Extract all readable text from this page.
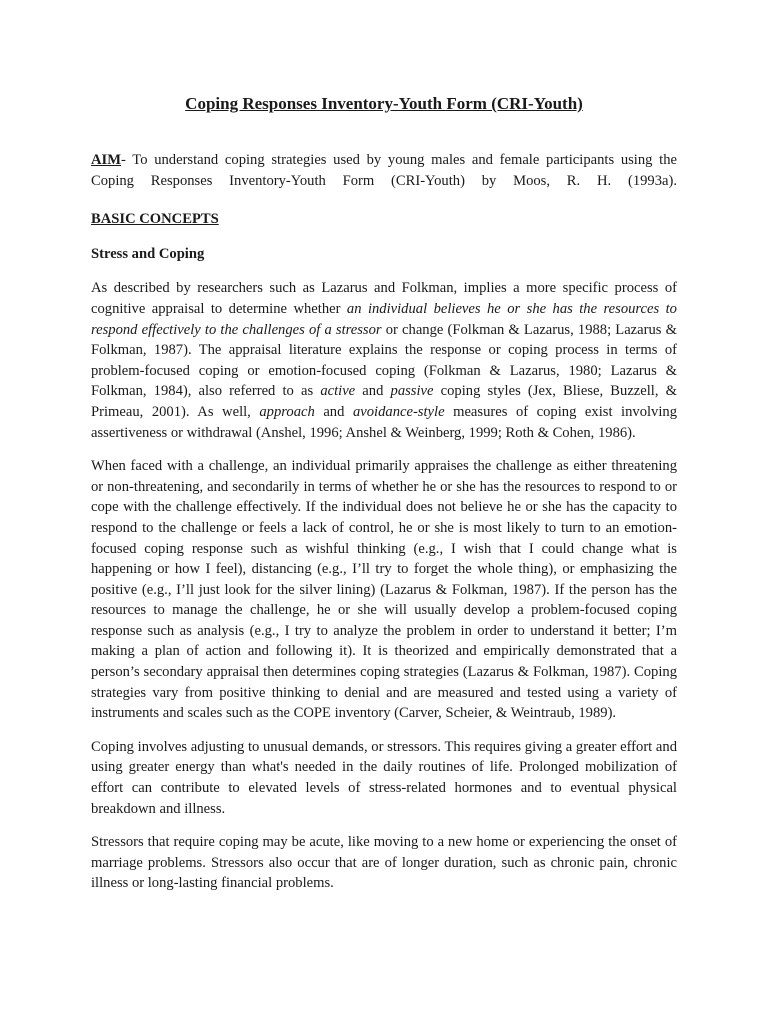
Coping Responses Inventory-Youth Form (CRI-Youth)

AIM- To understand coping strategies used by young males and female participants using the Coping Responses Inventory-Youth Form (CRI-Youth) by Moos, R. H. (1993a).

BASIC CONCEPTS

Stress and Coping

As described by researchers such as Lazarus and Folkman, implies a more specific process of cognitive appraisal to determine whether an individual believes he or she has the resources to respond effectively to the challenges of a stressor or change (Folkman & Lazarus, 1988; Lazarus & Folkman, 1987). The appraisal literature explains the response or coping process in terms of problem-focused coping or emotion-focused coping (Folkman & Lazarus, 1980; Lazarus & Folkman, 1984), also referred to as active and passive coping styles (Jex, Bliese, Buzzell, & Primeau, 2001). As well, approach and avoidance-style measures of coping exist involving assertiveness or withdrawal (Anshel, 1996; Anshel & Weinberg, 1999; Roth & Cohen, 1986).

When faced with a challenge, an individual primarily appraises the challenge as either threatening or non-threatening, and secondarily in terms of whether he or she has the resources to respond to or cope with the challenge effectively. If the individual does not believe he or she has the capacity to respond to the challenge or feels a lack of control, he or she is most likely to turn to an emotion-focused coping response such as wishful thinking (e.g., I wish that I could change what is happening or how I feel), distancing (e.g., I’ll try to forget the whole thing), or emphasizing the positive (e.g., I’ll just look for the silver lining) (Lazarus & Folkman, 1987). If the person has the resources to manage the challenge, he or she will usually develop a problem-focused coping response such as analysis (e.g., I try to analyze the problem in order to understand it better; I’m making a plan of action and following it). It is theorized and empirically demonstrated that a person’s secondary appraisal then determines coping strategies (Lazarus & Folkman, 1987). Coping strategies vary from positive thinking to denial and are measured and tested using a variety of instruments and scales such as the COPE inventory (Carver, Scheier, & Weintraub, 1989).

Coping involves adjusting to unusual demands, or stressors. This requires giving a greater effort and using greater energy than what's needed in the daily routines of life. Prolonged mobilization of effort can contribute to elevated levels of stress-related hormones and to eventual physical breakdown and illness.

Stressors that require coping may be acute, like moving to a new home or experiencing the onset of marriage problems. Stressors also occur that are of longer duration, such as chronic pain, chronic illness or long-lasting financial problems.
